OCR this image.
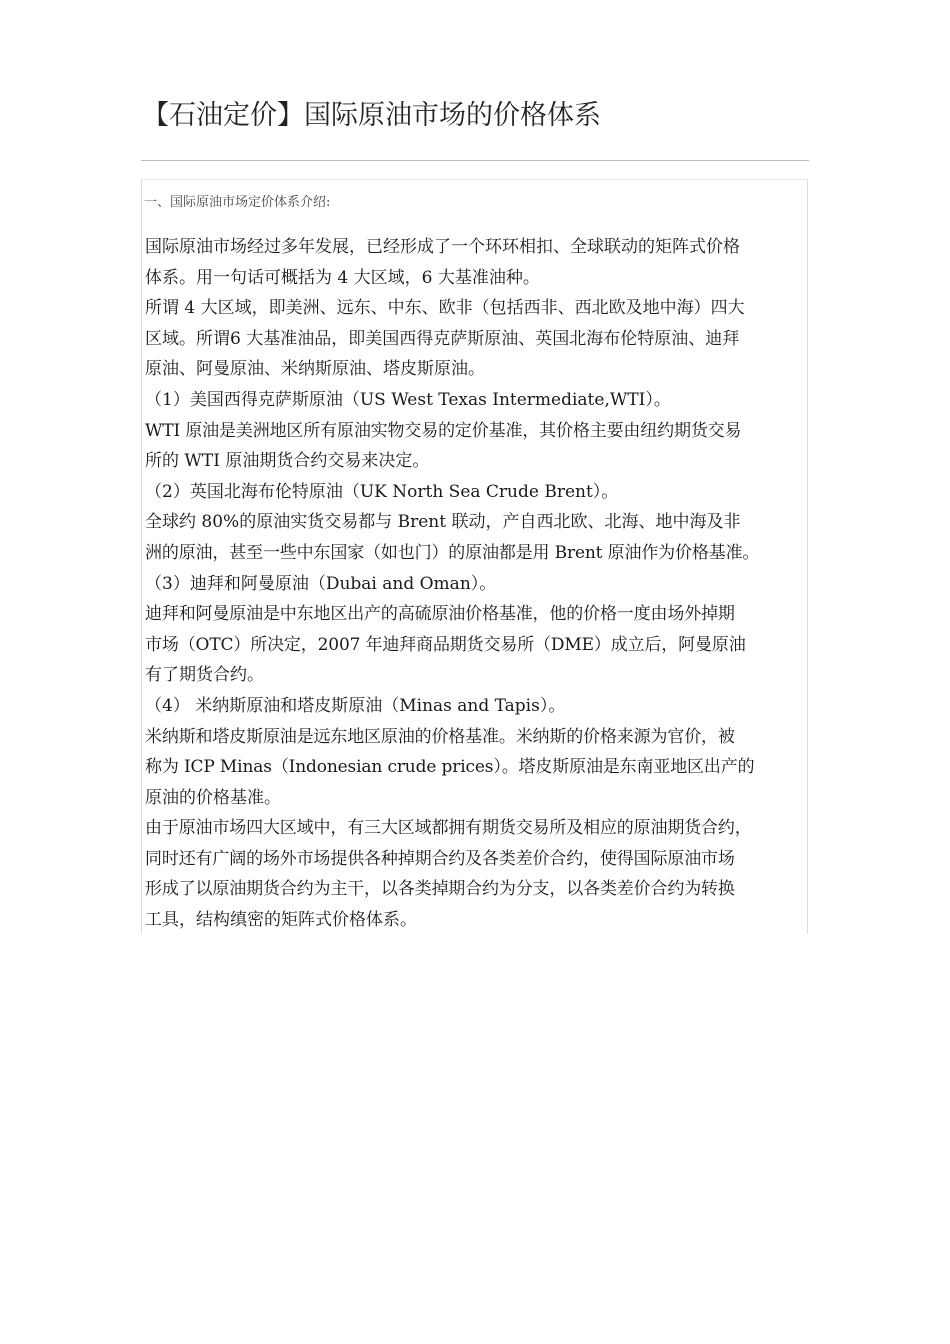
【石油定价】国际原油市场的价格体系
一、国际原油市场定价体系介绍:
国际原油市场经过多年发展，已经形成了一个环环相扣、全球联动的矩阵式价格
体系。用一句话可概括为 4 大区域，6 大基准油种。
所谓 4 大区域，即美洲、远东、中东、欧非（包括西非、西北欧及地中海）四大
区域。所谓6 大基准油品，即美国西得克萨斯原油、英国北海布伦特原油、迪拜
原油、阿曼原油、米纳斯原油、塔皮斯原油。
（1）美国西得克萨斯原油（US West Texas Intermediate,WTI）。
WTI 原油是美洲地区所有原油实物交易的定价基准，其价格主要由纽约期货交易
所的 WTI 原油期货合约交易来决定。
（2）英国北海布伦特原油（UK North Sea Crude Brent）。
全球约 80%的原油实货交易都与 Brent 联动，产自西北欧、北海、地中海及非
洲的原油，甚至一些中东国家（如也门）的原油都是用 Brent 原油作为价格基准。
（3）迪拜和阿曼原油（Dubai and Oman）。
迪拜和阿曼原油是中东地区出产的高硫原油价格基准，他的价格一度由场外掉期
市场（OTC）所决定，2007 年迪拜商品期货交易所（DME）成立后，阿曼原油
有了期货合约。
（4） 米纳斯原油和塔皮斯原油（Minas and Tapis）。
米纳斯和塔皮斯原油是远东地区原油的价格基准。米纳斯的价格来源为官价，被
称为 ICP Minas（Indonesian crude prices）。塔皮斯原油是东南亚地区出产的
原油的价格基准。
由于原油市场四大区域中，有三大区域都拥有期货交易所及相应的原油期货合约，
同时还有广阔的场外市场提供各种掉期合约及各类差价合约，使得国际原油市场
形成了以原油期货合约为主干，以各类掉期合约为分支，以各类差价合约为转换
工具，结构缜密的矩阵式价格体系。
